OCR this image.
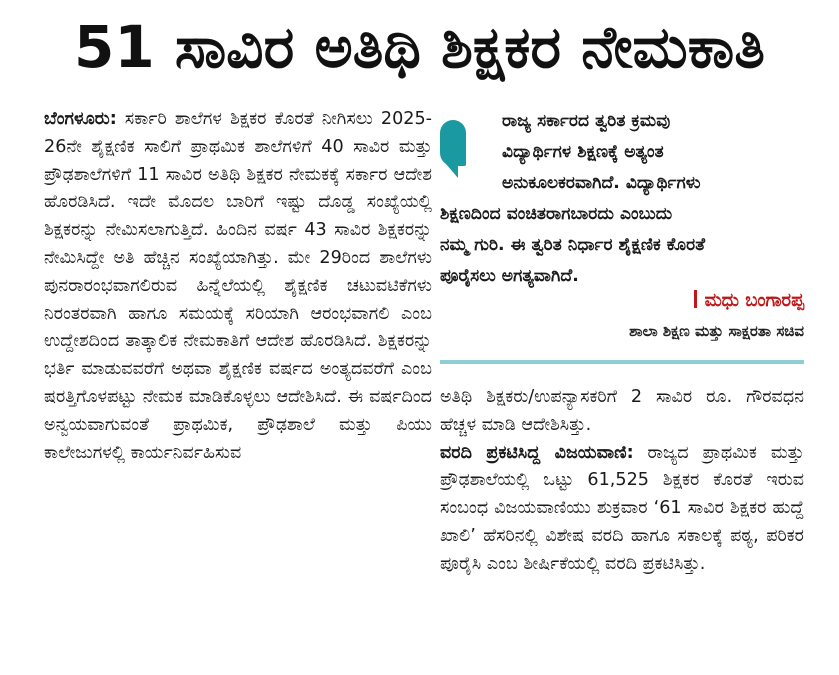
51 ಸಾವಿರ ಅತಿಥಿ ಶಿಕ್ಷಕರ ನೇಮಕಾತಿ

ಬೆಂಗಳೂರು: ಸರ್ಕಾರಿ ಶಾಲೆಗಳ ಶಿಕ್ಷಕರ ಕೊರತೆ ನೀಗಿಸಲು 2025-26ನೇ ಶೈಕ್ಷಣಿಕ ಸಾಲಿಗೆ ಪ್ರಾಥಮಿಕ ಶಾಲೆಗಳಿಗೆ 40 ಸಾವಿರ ಮತ್ತು ಪ್ರೌಢಶಾಲೆಗಳಿಗೆ 11 ಸಾವಿರ ಅತಿಥಿ ಶಿಕ್ಷಕರ ನೇಮಕಕ್ಕೆ ಸರ್ಕಾರ ಆದೇಶ ಹೊರಡಿಸಿದೆ. ಇದೇ ಮೊದಲ ಬಾರಿಗೆ ಇಷ್ಟು ದೊಡ್ಡ ಸಂಖ್ಯೆಯಲ್ಲಿ ಶಿಕ್ಷಕರನ್ನು ನೇಮಿಸಲಾಗುತ್ತಿದೆ. ಹಿಂದಿನ ವರ್ಷ 43 ಸಾವಿರ ಶಿಕ್ಷಕರನ್ನು ನೇಮಿಸಿದ್ದೇ ಅತಿ ಹೆಚ್ಚಿನ ಸಂಖ್ಯೆಯಾಗಿತ್ತು. ಮೇ 29ರಿಂದ ಶಾಲೆಗಳು ಪುನರಾರಂಭವಾಗಲಿರುವ ಹಿನ್ನೆಲೆಯಲ್ಲಿ ಶೈಕ್ಷಣಿಕ ಚಟುವಟಿಕೆಗಳು ನಿರಂತರವಾಗಿ ಹಾಗೂ ಸಮಯಕ್ಕೆ ಸರಿಯಾಗಿ ಆರಂಭವಾಗಲಿ ಎಂಬ ಉದ್ದೇಶದಿಂದ ತಾತ್ಕಾಲಿಕ ನೇಮಕಾತಿಗೆ ಆದೇಶ ಹೊರಡಿಸಿದೆ. ಶಿಕ್ಷಕರನ್ನು ಭರ್ತಿ ಮಾಡುವವರೆಗೆ ಅಥವಾ ಶೈಕ್ಷಣಿಕ ವರ್ಷದ ಅಂತ್ಯದವರೆಗೆ ಎಂಬ ಷರತ್ತಿಗೊಳಪಟ್ಟು ನೇಮಕ ಮಾಡಿಕೊಳ್ಳಲು ಆದೇಶಿಸಿದೆ. ಈ ವರ್ಷದಿಂದ ಅನ್ವಯವಾಗುವಂತೆ ಪ್ರಾಥಮಿಕ, ಪ್ರೌಢಶಾಲೆ ಮತ್ತು ಪಿಯು ಕಾಲೇಜುಗಳಲ್ಲಿ ಕಾರ್ಯನಿರ್ವಹಿಸುವ

ರಾಜ್ಯ ಸರ್ಕಾರದ ತ್ವರಿತ ಕ್ರಮವು
ವಿದ್ಯಾರ್ಥಿಗಳ ಶಿಕ್ಷಣಕ್ಕೆ ಅತ್ಯಂತ
ಅನುಕೂಲಕರವಾಗಿದೆ. ವಿದ್ಯಾರ್ಥಿಗಳು
ಶಿಕ್ಷಣದಿಂದ ವಂಚಿತರಾಗಬಾರದು ಎಂಬುದು
ನಮ್ಮ ಗುರಿ. ಈ ತ್ವರಿತ ನಿರ್ಧಾರ ಶೈಕ್ಷಣಿಕ ಕೊರತೆ
ಪೂರೈಸಲು ಅಗತ್ಯವಾಗಿದೆ.
ಮಧು ಬಂಗಾರಪ್ಪ
ಶಾಲಾ ಶಿಕ್ಷಣ ಮತ್ತು ಸಾಕ್ಷರತಾ ಸಚಿವ

ಅತಿಥಿ ಶಿಕ್ಷಕರು/ಉಪನ್ಯಾಸಕರಿಗೆ 2 ಸಾವಿರ ರೂ. ಗೌರವಧನ ಹೆಚ್ಚಳ ಮಾಡಿ ಆದೇಶಿಸಿತ್ತು.

ವರದಿ ಪ್ರಕಟಿಸಿದ್ದ ವಿಜಯವಾಣಿ: ರಾಜ್ಯದ ಪ್ರಾಥಮಿಕ ಮತ್ತು ಪ್ರೌಢಶಾಲೆಯಲ್ಲಿ ಒಟ್ಟು 61,525 ಶಿಕ್ಷಕರ ಕೊರತೆ ಇರುವ ಸಂಬಂಧ ವಿಜಯವಾಣಿಯು ಶುಕ್ರವಾರ ‘61 ಸಾವಿರ ಶಿಕ್ಷಕರ ಹುದ್ದೆ ಖಾಲಿ’ ಹೆಸರಿನಲ್ಲಿ ವಿಶೇಷ ವರದಿ ಹಾಗೂ ಸಕಾಲಕ್ಕೆ ಪಠ್ಯ, ಪರಿಕರ ಪೂರೈಸಿ ಎಂಬ ಶೀರ್ಷಿಕೆಯಲ್ಲಿ ವರದಿ ಪ್ರಕಟಿಸಿತ್ತು.
